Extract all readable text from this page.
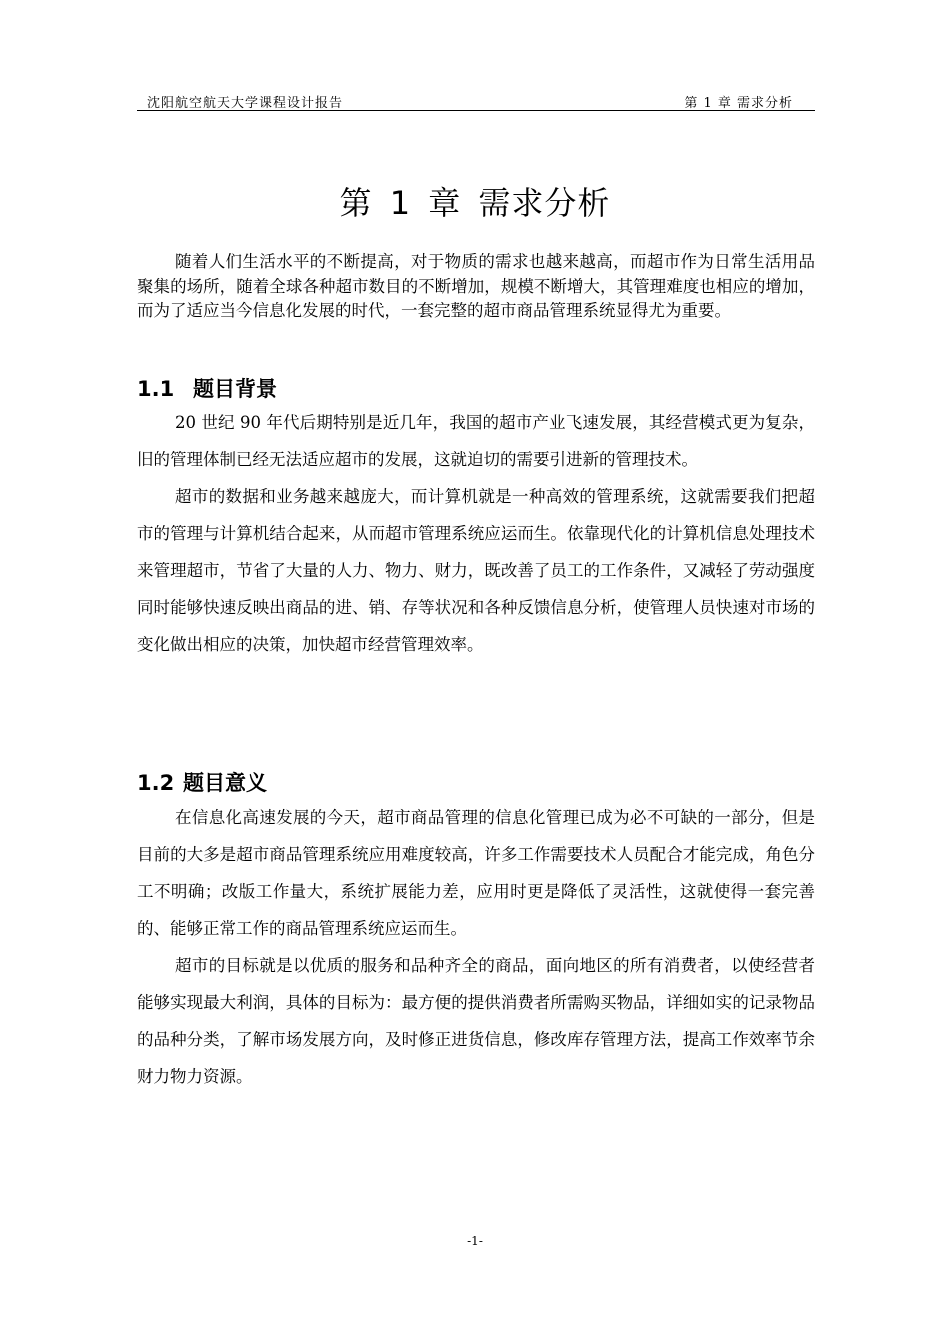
沈阳航空航天大学课程设计报告	第 1 章 需求分析
第 1 章 需求分析

随着人们生活水平的不断提高，对于物质的需求也越来越高，而超市作为日常生活用品聚集的场所，随着全球各种超市数目的不断增加，规模不断增大，其管理难度也相应的增加，而为了适应当今信息化发展的时代，一套完整的超市商品管理系统显得尤为重要。

1.1 题目背景

20 世纪 90 年代后期特别是近几年，我国的超市产业飞速发展，其经营模式更为复杂，旧的管理体制已经无法适应超市的发展，这就迫切的需要引进新的管理技术。

超市的数据和业务越来越庞大，而计算机就是一种高效的管理系统，这就需要我们把超市的管理与计算机结合起来，从而超市管理系统应运而生。依靠现代化的计算机信息处理技术来管理超市，节省了大量的人力、物力、财力，既改善了员工的工作条件，又减轻了劳动强度同时能够快速反映出商品的进、销、存等状况和各种反馈信息分析，使管理人员快速对市场的变化做出相应的决策，加快超市经营管理效率。

1.2 题目意义

在信息化高速发展的今天，超市商品管理的信息化管理已成为必不可缺的一部分，但是目前的大多是超市商品管理系统应用难度较高，许多工作需要技术人员配合才能完成，角色分工不明确；改版工作量大，系统扩展能力差，应用时更是降低了灵活性，这就使得一套完善的、能够正常工作的商品管理系统应运而生。

超市的目标就是以优质的服务和品种齐全的商品，面向地区的所有消费者，以使经营者能够实现最大利润，具体的目标为：最方便的提供消费者所需购买物品，详细如实的记录物品的品种分类，了解市场发展方向，及时修正进货信息，修改库存管理方法，提高工作效率节余财力物力资源。

-1-
